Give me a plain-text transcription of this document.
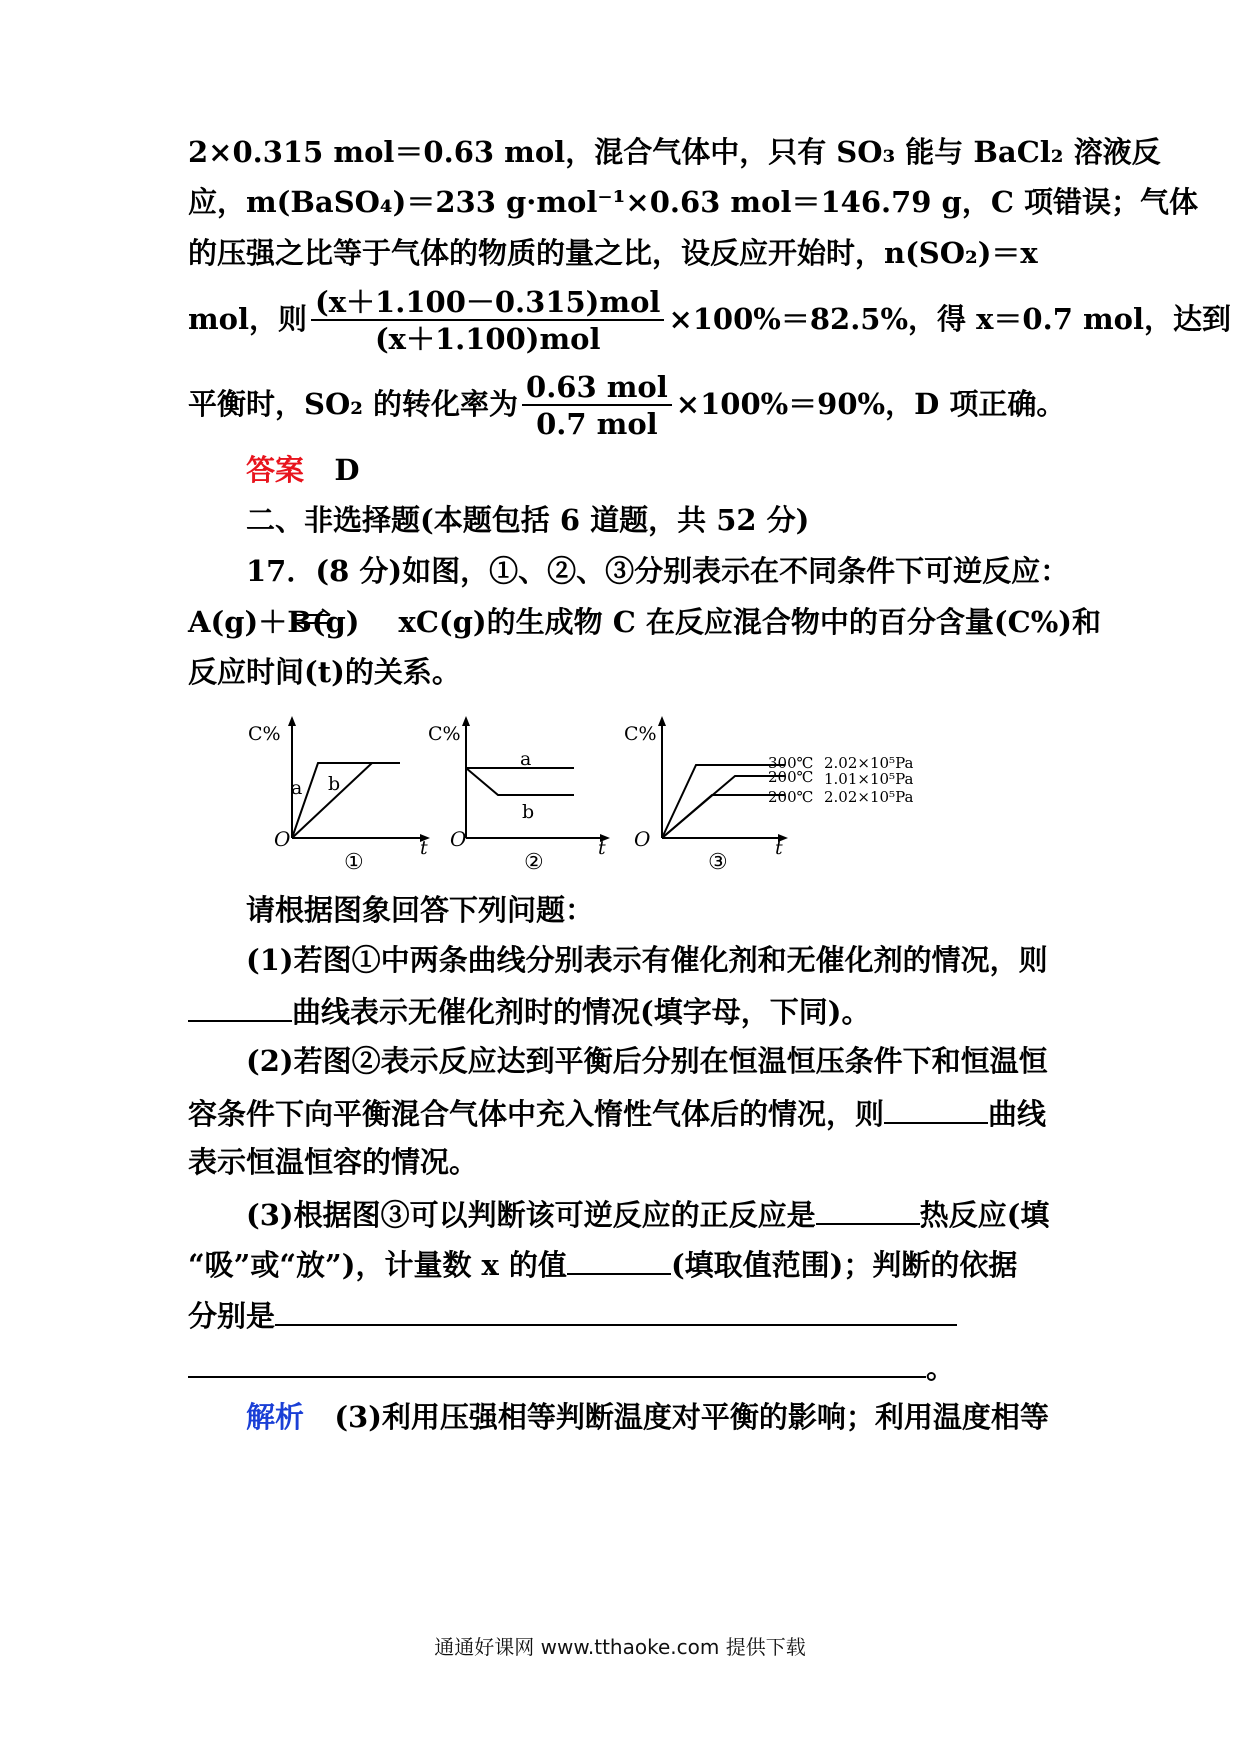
2×0.315 mol＝0.63 mol，混合气体中，只有 SO₃ 能与 BaCl₂ 溶液反
应，m(BaSO₄)＝233 g·mol⁻¹×0.63 mol＝146.79 g，C 项错误；气体
的压强之比等于气体的物质的量之比，设反应开始时，n(SO₂)＝x
mol，则 $\frac{\text{(x＋1.100－0.315)mol}}{\text{(x＋1.100)mol}} \times 100\%=82.5\%$，得 x＝0.7 mol，达到
平衡时，SO₂ 的转化率为 $\frac{\text{0.63 mol}}{\text{0.7 mol}} \times 100\%=90\%$，D 项正确。
答案 D
二、非选择题(本题包括 6 道题，共 52 分)
17．(8 分)如图，①、②、③分别表示在不同条件下可逆反应：
A(g)＋B(g)　 xC(g)的生成物 C 在反应混合物中的百分含量(C%)和
反应时间(t)的关系。
C%
a b
O	t
①
C%
a
b
O	t
②
C%
300℃ 2.02×10⁵Pa
200℃ 1.01×10⁵Pa
200℃ 2.02×10⁵Pa
O	t
③
请根据图象回答下列问题：
(1)若图①中两条曲线分别表示有催化剂和无催化剂的情况，则
曲线表示无催化剂时的情况(填字母，下同)。
(2)若图②表示反应达到平衡后分别在恒温恒压条件下和恒温恒
容条件下向平衡混合气体中充入惰性气体后的情况，则	曲线
表示恒温恒容的情况。
(3)根据图③可以判断该可逆反应的正反应是	热反应(填
“吸”或“放”)，计量数 x 的值	(填取值范围)；判断的依据
分别是
。
解析 (3)利用压强相等判断温度对平衡的影响；利用温度相等
通通好课网 www.tthaoke.com 提供下载
